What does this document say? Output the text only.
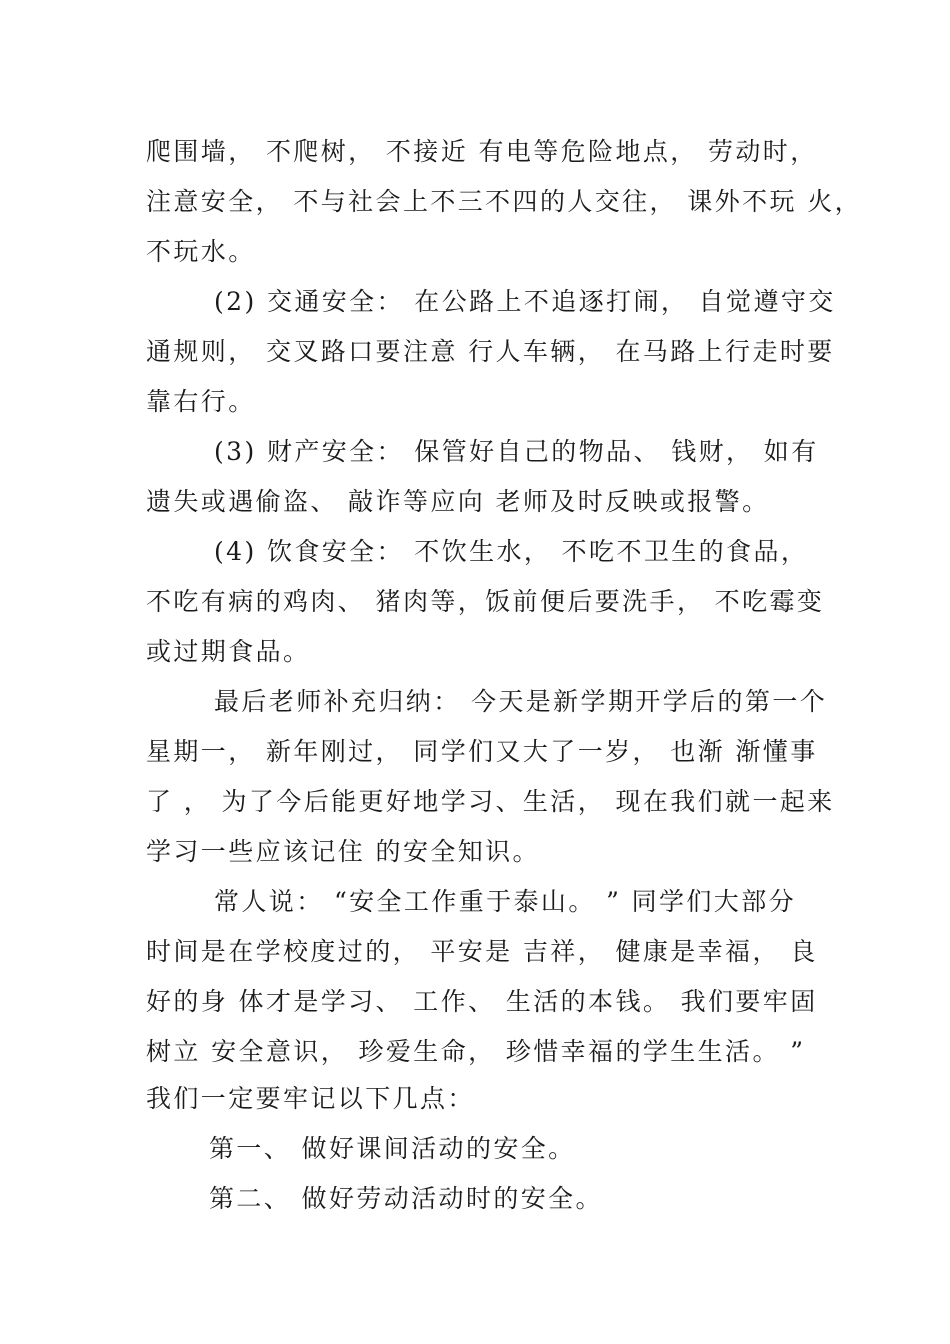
爬围墙， 不爬树， 不接近 有电等危险地点， 劳动时，

注意安全， 不与社会上不三不四的人交往， 课外不玩 火，

不玩水。

(2) 交通安全： 在公路上不追逐打闹， 自觉遵守交

通规则， 交叉路口要注意 行人车辆， 在马路上行走时要

靠右行。

(3) 财产安全： 保管好自己的物品、 钱财， 如有

遗失或遇偷盗、 敲诈等应向 老师及时反映或报警。

(4) 饮食安全： 不饮生水， 不吃不卫生的食品，

不吃有病的鸡肉、 猪肉等，饭前便后要洗手， 不吃霉变

或过期食品。

最后老师补充归纳： 今天是新学期开学后的第一个

星期一， 新年刚过， 同学们又大了一岁， 也渐 渐懂事

了 ， 为了今后能更好地学习、生活， 现在我们就一起来

学习一些应该记住 的安全知识。

常人说： “安全工作重于泰山。 ” 同学们大部分

时间是在学校度过的， 平安是 吉祥， 健康是幸福， 良

好的身 体才是学习、 工作、 生活的本钱。 我们要牢固

树立 安全意识， 珍爱生命， 珍惜幸福的学生生活。 ”

我们一定要牢记以下几点：

第一、 做好课间活动的安全。

第二、 做好劳动活动时的安全。
